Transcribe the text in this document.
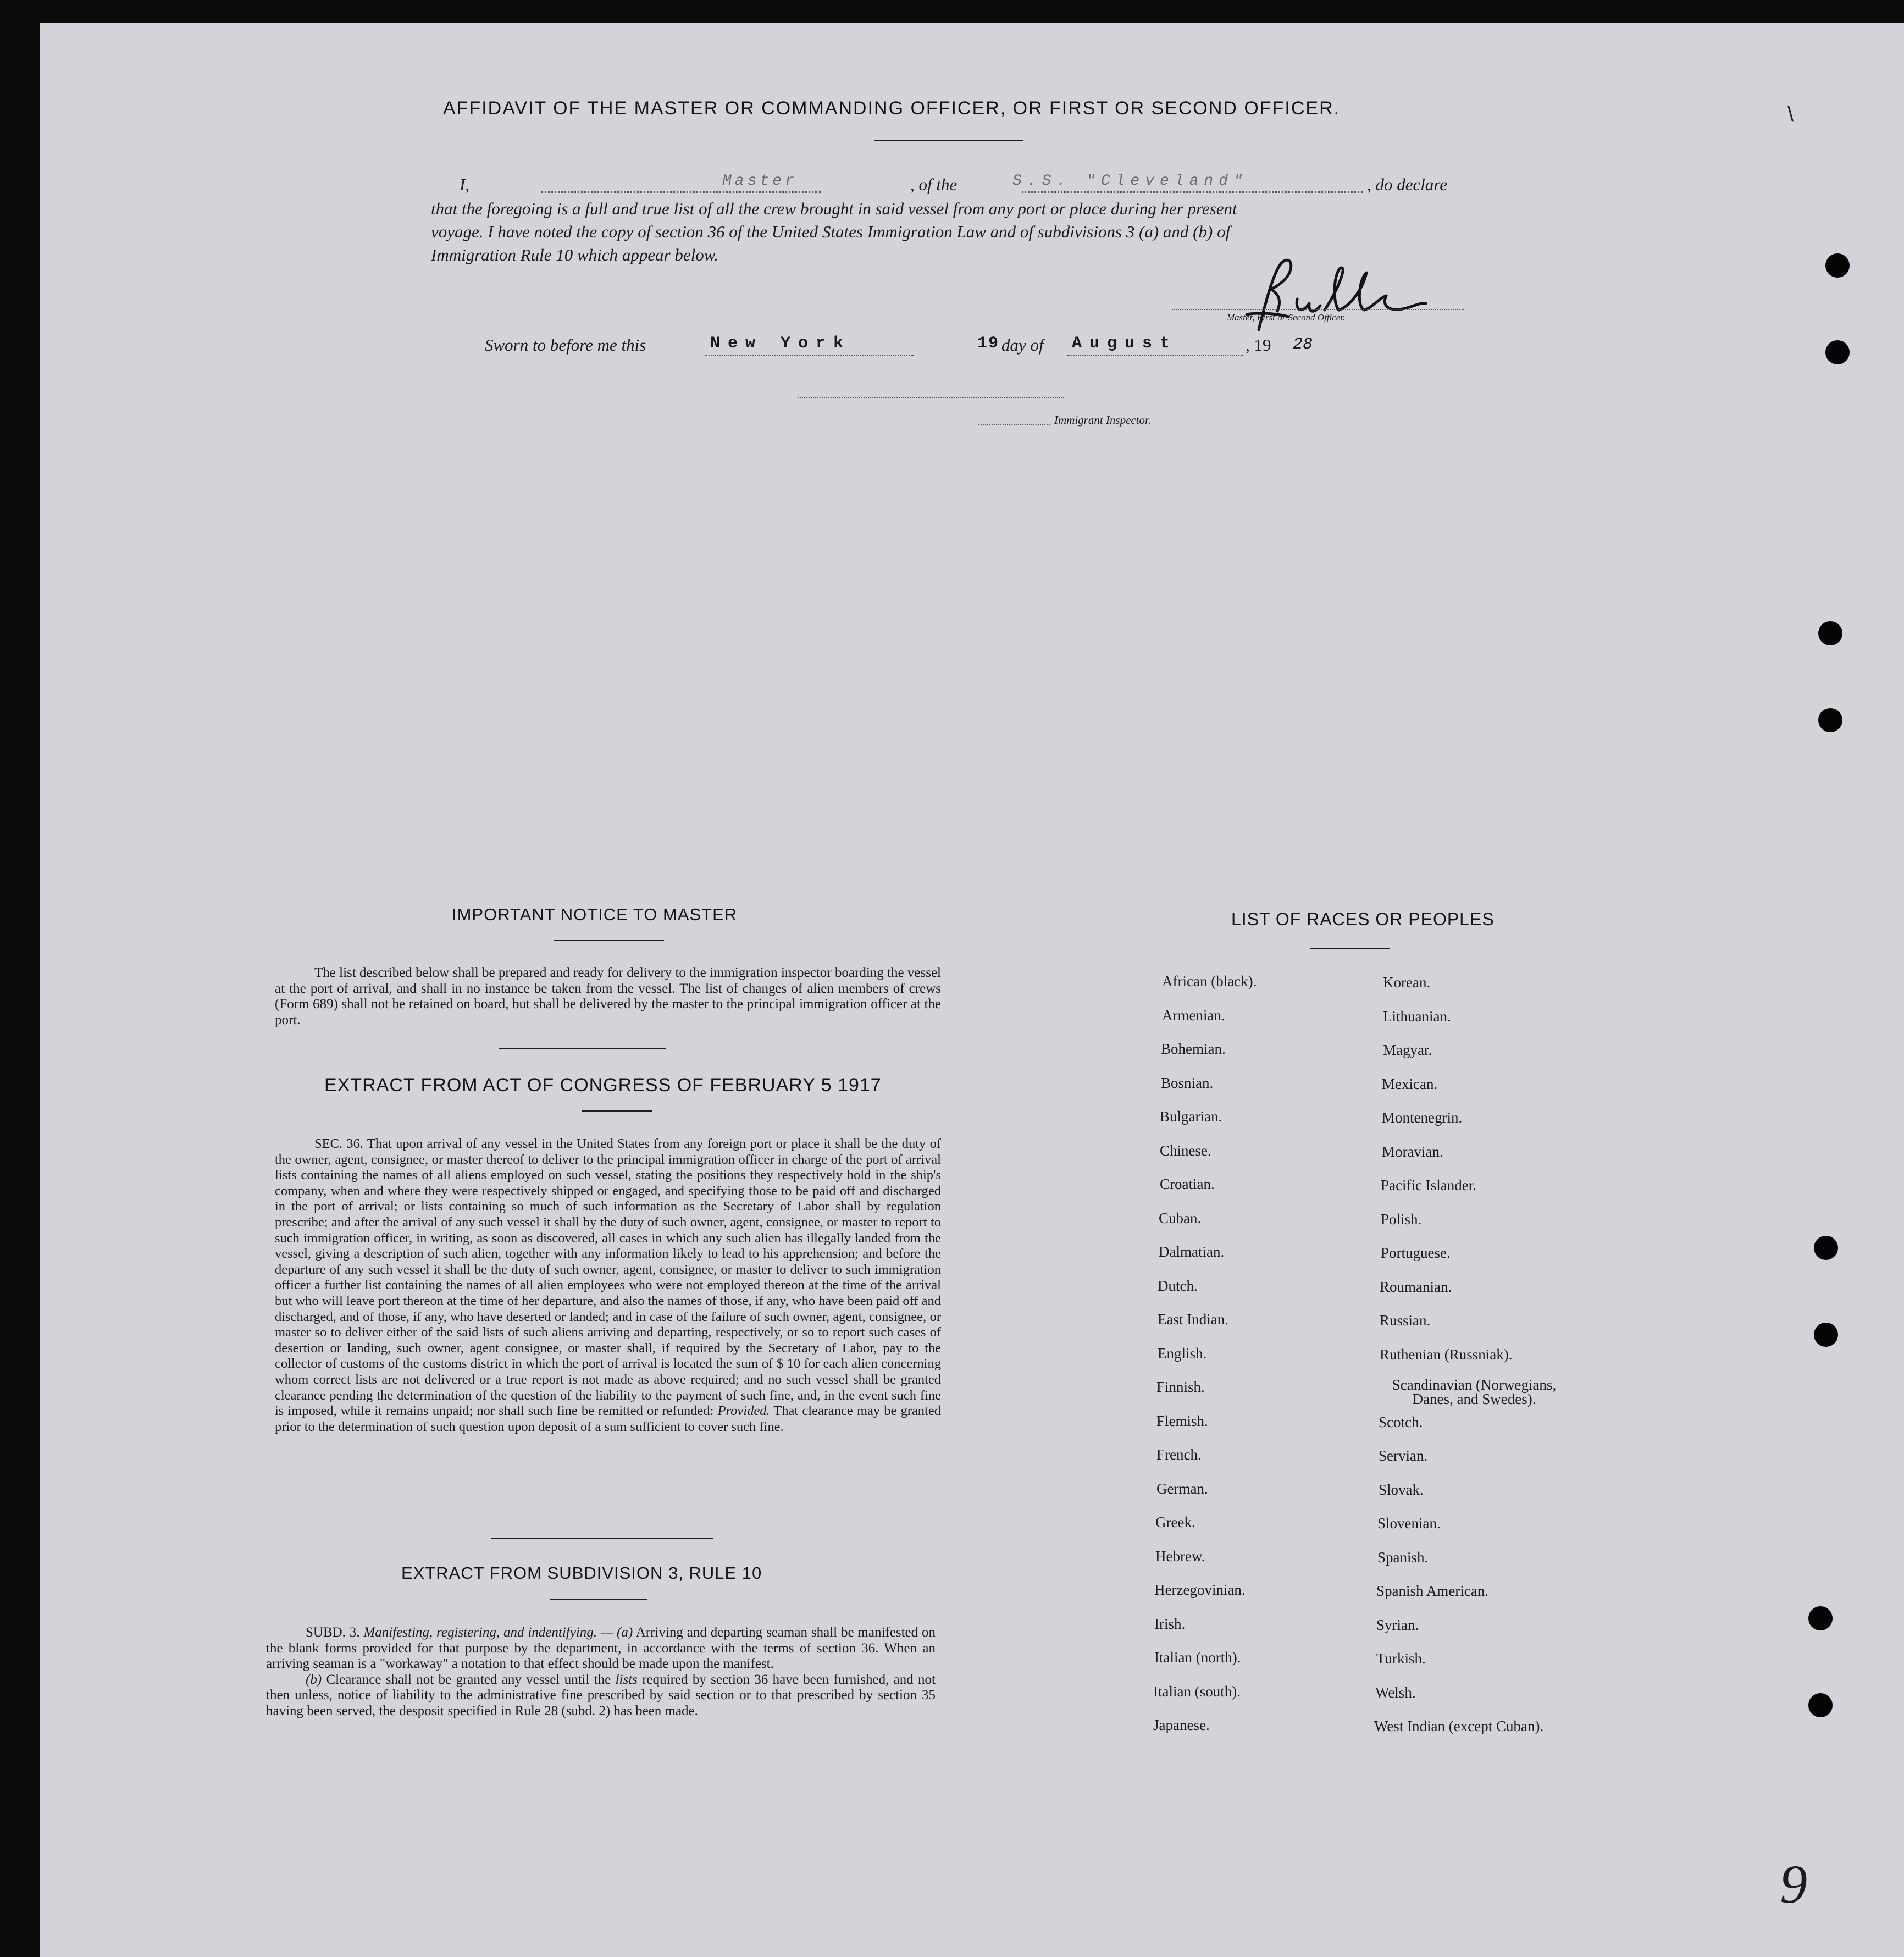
\
9
AFFIDAVIT OF THE MASTER OR COMMANDING OFFICER, OR FIRST OR SECOND OFFICER.
I,	Master	, of the	S.S. "Cleveland"	, do declare
that the foregoing is a full and true list of all the crew brought in said vessel from any port or place during her present
voyage. I have noted the copy of section 36 of the United States Immigration Law and of subdivisions 3 (a) and (b) of
Immigration Rule 10 which appear below.
Master, First or Second Officer.
Sworn to before me this	New York	19 day of August	, 19 28
Immigrant Inspector.
IMPORTANT NOTICE TO MASTER

The list described below shall be prepared and ready for delivery to the immigration inspector boarding the vessel at the port of arrival, and shall in no instance be taken from the vessel. The list of changes of alien members of crews (Form 689) shall not be retained on board, but shall be delivered by the master to the principal immigration officer at the port.

EXTRACT FROM ACT OF CONGRESS OF FEBRUARY 5 1917

SEC. 36. That upon arrival of any vessel in the United States from any foreign port or place it shall be the duty of the owner, agent, consignee, or master thereof to deliver to the principal immigration officer in charge of the port of arrival lists containing the names of all aliens employed on such vessel, stating the positions they respectively hold in the ship's company, when and where they were respectively shipped or engaged, and specifying those to be paid off and discharged in the port of arrival; or lists containing so much of such information as the Secretary of Labor shall by regulation prescribe; and after the arrival of any such vessel it shall by the duty of such owner, agent, consignee, or master to report to such immigration officer, in writing, as soon as discovered, all cases in which any such alien has illegally landed from the vessel, giving a description of such alien, together with any information likely to lead to his apprehension; and before the departure of any such vessel it shall be the duty of such owner, agent, consignee, or master to deliver to such immigration officer a further list containing the names of all alien employees who were not employed thereon at the time of the arrival but who will leave port thereon at the time of her departure, and also the names of those, if any, who have been paid off and discharged, and of those, if any, who have deserted or landed; and in case of the failure of such owner, agent, consignee, or master so to deliver either of the said lists of such aliens arriving and departing, respectively, or so to report such cases of desertion or landing, such owner, agent consignee, or master shall, if required by the Secretary of Labor, pay to the collector of customs of the customs district in which the port of arrival is located the sum of $ 10 for each alien concerning whom correct lists are not delivered or a true report is not made as above required; and no such vessel shall be granted clearance pending the determination of the question of the liability to the payment of such fine, and, in the event such fine is imposed, while it remains unpaid; nor shall such fine be remitted or refunded: Provided. That clearance may be granted prior to the determination of such question upon deposit of a sum sufficient to cover such fine.

EXTRACT FROM SUBDIVISION 3, RULE 10

SUBD. 3. Manifesting, registering, and indentifying. — (a) Arriving and departing seaman shall be manifested on the blank forms provided for that purpose by the department, in accordance with the terms of section 36. When an arriving seaman is a "workaway" a notation to that effect should be made upon the manifest.

(b) Clearance shall not be granted any vessel until the lists required by section 36 have been furnished, and not then unless, notice of liability to the administrative fine prescribed by said section or to that prescribed by section 35 having been served, the desposit specified in Rule 28 (subd. 2) has been made.

LIST OF RACES OR PEOPLES
African (black).
Armenian.
Bohemian.
Bosnian.
Bulgarian.
Chinese.
Croatian.
Cuban.
Dalmatian.
Dutch.
East Indian.
English.
Finnish.
Flemish.
French.
German.
Greek.
Hebrew.
Herzegovinian.
Irish.
Italian (north).
Italian (south).
Japanese.
Korean.
Lithuanian.
Magyar.
Mexican.
Montenegrin.
Moravian.
Pacific Islander.
Polish.
Portuguese.
Roumanian.
Russian.
Ruthenian (Russniak).
Scandinavian (Norwegians, Danes, and Swedes).
Scotch.
Servian.
Slovak.
Slovenian.
Spanish.
Spanish American.
Syrian.
Turkish.
Welsh.
West Indian (except Cuban).
